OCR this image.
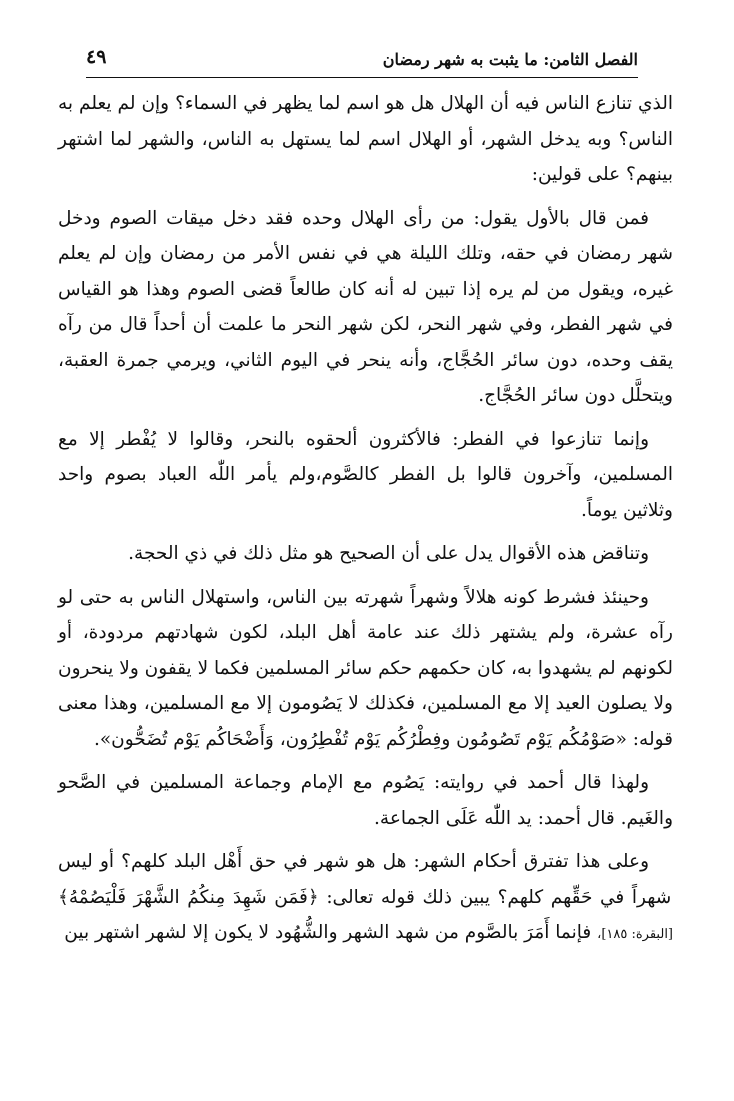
الفصل الثامن: ما يثبت به شهر رمضان
٤٩

الذي تنازع الناس فيه أن الهلال هل هو اسم لما يظهر في السماء؟ وإن لم يعلم به الناس؟ وبه يدخل الشهر، أو الهلال اسم لما يستهل به الناس، والشهر لما اشتهر بينهم؟ على قولين:

فمن قال بالأول يقول: من رأى الهلال وحده فقد دخل ميقات الصوم ودخل شهر رمضان في حقه، وتلك الليلة هي في نفس الأمر من رمضان وإن لم يعلم غيره، ويقول من لم يره إذا تبين له أنه كان طالعاً قضى الصوم وهذا هو القياس في شهر الفطر، وفي شهر النحر، لكن شهر النحر ما علمت أن أحداً قال من رآه يقف وحده، دون سائر الحُجَّاج، وأنه ينحر في اليوم الثاني، ويرمي جمرة العقبة، ويتحلَّل دون سائر الحُجَّاج.

وإنما تنازعوا في الفطر: فالأكثرون ألحقوه بالنحر، وقالوا لا يُفْطر إلا مع المسلمين، وآخرون قالوا بل الفطر كالصَّوم،ولم يأمر اللّٰه العباد بصوم واحد وثلاثين يوماً.

وتناقض هذه الأقوال يدل على أن الصحيح هو مثل ذلك في ذي الحجة.

وحينئذ فشرط كونه هلالاً وشهراً شهرته بين الناس، واستهلال الناس به حتى لو رآه عشرة، ولم يشتهر ذلك عند عامة أهل البلد، لكون شهادتهم مردودة، أو لكونهم لم يشهدوا به، كان حكمهم حكم سائر المسلمين فكما لا يقفون ولا ينحرون ولا يصلون العيد إلا مع المسلمين، فكذلك لا يَصُومون إلا مع المسلمين، وهذا معنى قوله: «صَوْمُكُم يَوْم تَصُومُون وفِطْرُكُم يَوْم تُفْطِرُون، وَأَضْحَاكُم يَوْم تُضَحُّون».

ولهذا قال أحمد في روايته: يَصُوم مع الإمام وجماعة المسلمين في الصَّحو والغَيم. قال أحمد: يد اللّٰه عَلَى الجماعة.

وعلى هذا تفترق أحكام الشهر: هل هو شهر في حق أَهْل البلد كلهم؟ أو ليس شهراً في حَقِّهم كلهم؟ يبين ذلك قوله تعالى: ﴿فَمَن شَهِدَ مِنكُمُ الشَّهْرَ فَلْيَصُمْهُ﴾ [البقرة: ١٨٥]، فإنما أَمَرَ بالصَّوم من شهد الشهر والشُّهُود لا يكون إلا لشهر اشتهر بين
